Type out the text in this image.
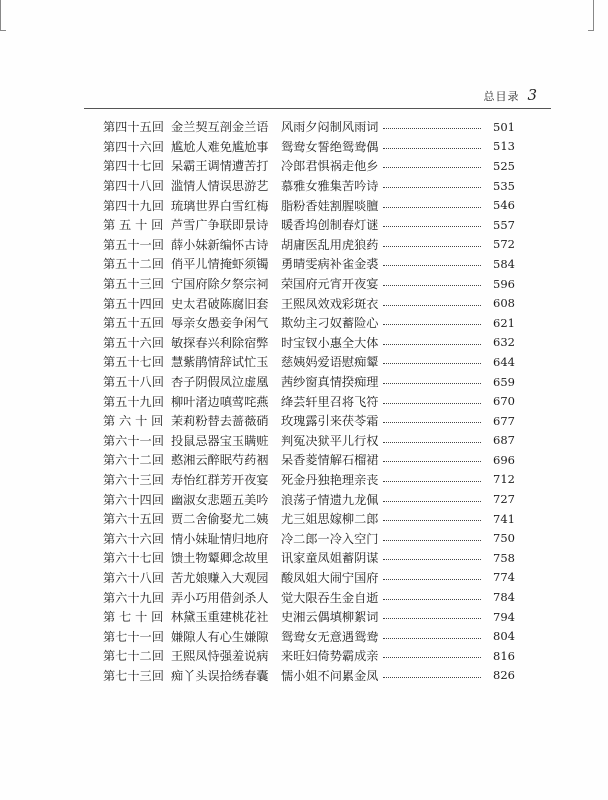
总目录 3
第四十五回 金兰契互剖金兰语	风雨夕闷制风雨词	501
第四十六回 尴尬人难免尴尬事	鸳鸯女誓绝鸳鸯偶	513
第四十七回 呆霸王调情遭苦打	冷郎君惧祸走他乡	525
第四十八回 滥情人情误思游艺	慕雅女雅集苦吟诗	535
第四十九回 琉璃世界白雪红梅	脂粉香娃割腥啖膻	546
第 五 十 回 芦雪广争联即景诗	暖香坞创制春灯谜	557
第五十一回 薛小妹新编怀古诗	胡庸医乱用虎狼药	572
第五十二回 俏平儿情掩虾须镯	勇晴雯病补雀金裘	584
第五十三回 宁国府除夕祭宗祠	荣国府元宵开夜宴	596
第五十四回 史太君破陈腐旧套	王熙凤效戏彩斑衣	608
第五十五回 辱亲女愚妾争闲气	欺幼主刁奴蓄险心	621
第五十六回 敏探春兴利除宿弊	时宝钗小惠全大体	632
第五十七回 慧紫鹃情辞试忙玉	慈姨妈爱语慰痴颦	644
第五十八回 杏子阴假凤泣虚凰	茜纱窗真情揆痴理	659
第五十九回 柳叶渚边嗔莺咤燕	绛芸轩里召将飞符	670
第 六 十 回 茉莉粉替去蔷薇硝	玫瑰露引来茯苓霜	677
第六十一回 投鼠忌器宝玉瞒赃	判冤决狱平儿行权	687
第六十二回 憨湘云醉眠芍药裀	呆香菱情解石榴裙	696
第六十三回 寿怡红群芳开夜宴	死金丹独艳理亲丧	712
第六十四回 幽淑女悲题五美吟	浪荡子情遗九龙佩	727
第六十五回 贾二舍偷娶尤二姨	尤三姐思嫁柳二郎	741
第六十六回 情小妹耻情归地府	冷二郎一冷入空门	750
第六十七回 馈土物颦卿念故里	讯家童凤姐蓄阴谋	758
第六十八回 苦尤娘赚入大观园	酸凤姐大闹宁国府	774
第六十九回 弄小巧用借剑杀人	觉大限吞生金自逝	784
第 七 十 回 林黛玉重建桃花社	史湘云偶填柳絮词	794
第七十一回 嫌隙人有心生嫌隙	鸳鸯女无意遇鸳鸯	804
第七十二回 王熙凤恃强羞说病	来旺妇倚势霸成亲	816
第七十三回 痴丫头误拾绣春囊	懦小姐不问累金凤	826
